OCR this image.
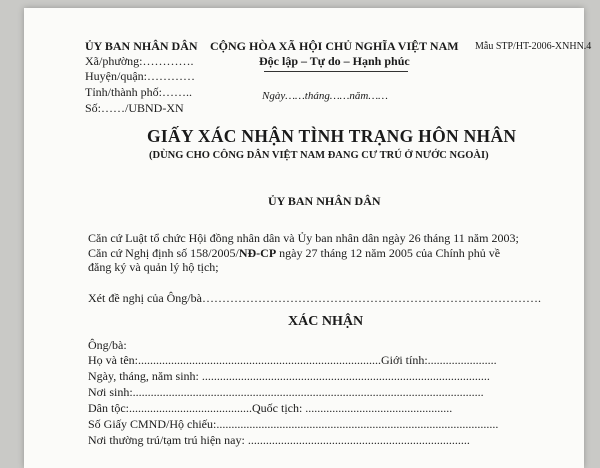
ỦY BAN NHÂN DÂN
Xã/phường:………….
Huyện/quận:…………
Tỉnh/thành phố:……..
Số:……/UBND-XN
CỘNG HÒA XÃ HỘI CHỦ NGHĨA VIỆT NAM Mẫu STP/HT-2006-XNHN.4
Độc lập – Tự do – Hạnh phúc
Ngày……tháng……năm……
GIẤY XÁC NHẬN TÌNH TRẠNG HÔN NHÂN
(DÙNG CHO CÔNG DÂN VIỆT NAM ĐANG CƯ TRÚ Ở NƯỚC NGOÀI)
ỦY BAN NHÂN DÂN
Căn cứ Luật tổ chức Hội đồng nhân dân và Ủy ban nhân dân ngày 26 tháng 11 năm 2003;
Căn cứ Nghị định số 158/2005/NĐ-CP ngày 27 tháng 12 năm 2005 của Chính phủ về
đăng ký và quản lý hộ tịch;
Xét đề nghị của Ông/bà………………………………………………………………………….
XÁC NHẬN
Ông/bà:
Họ và tên:.................................................................................Giới tính:.......................
Ngày, tháng, năm sinh: ................................................................................................
Nơi sinh:.....................................................................................................................
Dân tộc:.........................................Quốc tịch: .................................................
Số Giấy CMND/Hộ chiếu:..............................................................................................
Nơi thường trú/tạm trú hiện nay: ..........................................................................
